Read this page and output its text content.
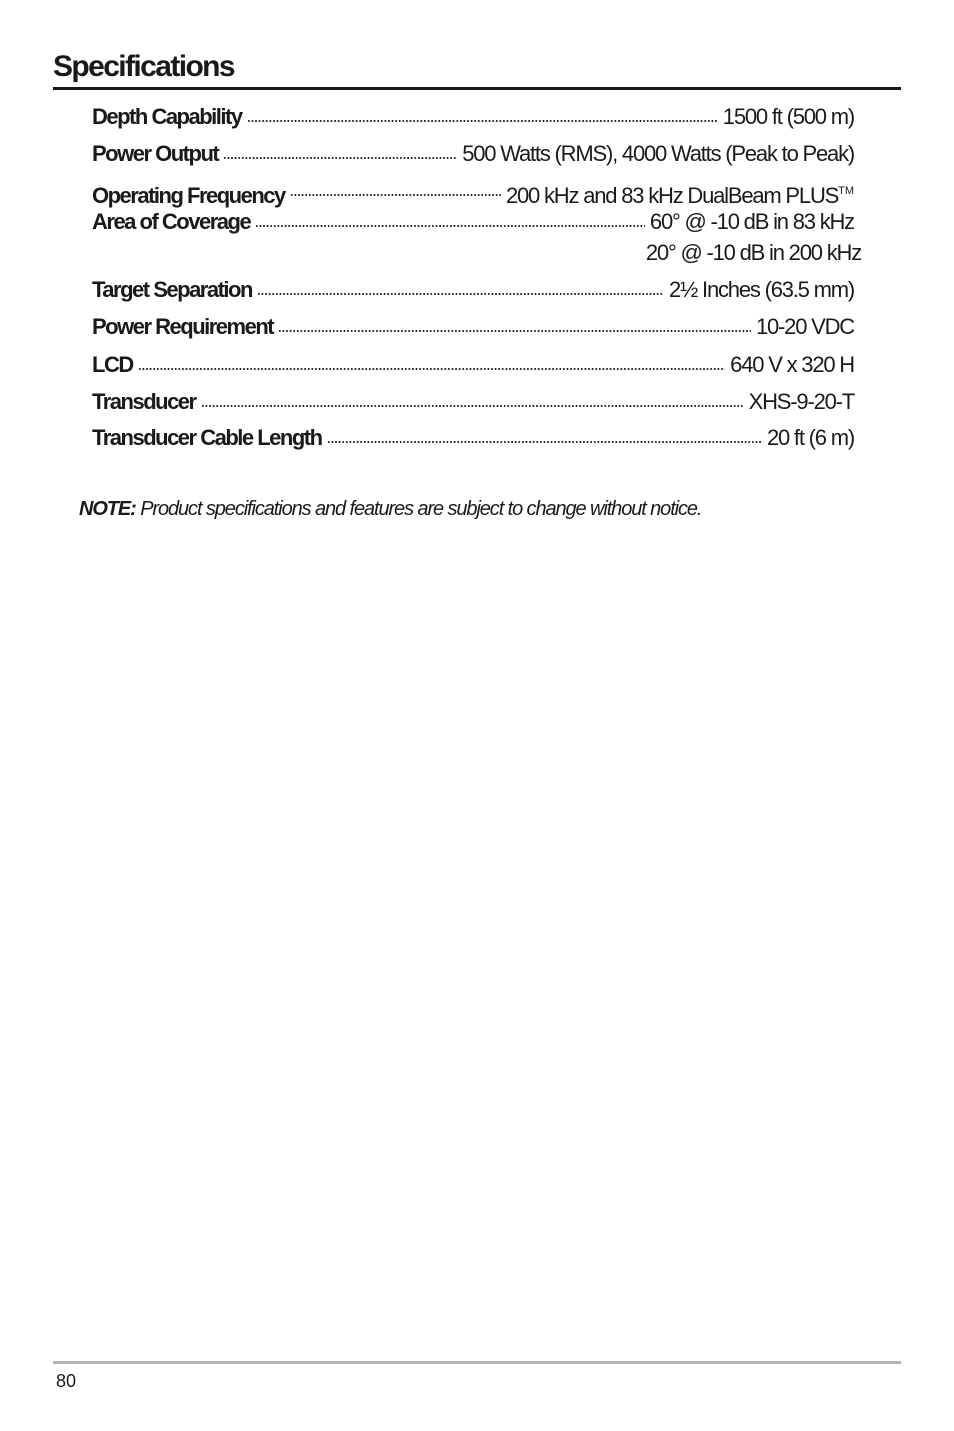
Specifications
Depth Capability	1500 ft (500 m)
Power Output	500 Watts (RMS), 4000 Watts (Peak to Peak)
Operating Frequency	200 kHz and 83 kHz DualBeam PLUS™
Area of Coverage	60° @ -10 dB in 83 kHz
20° @ -10 dB in 200 kHz
Target Separation	2½ Inches (63.5 mm)
Power Requirement	10-20 VDC
LCD	640 V x 320 H
Transducer	XHS-9-20-T
Transducer Cable Length	20 ft (6 m)
NOTE: Product specifications and features are subject to change without notice.
80
